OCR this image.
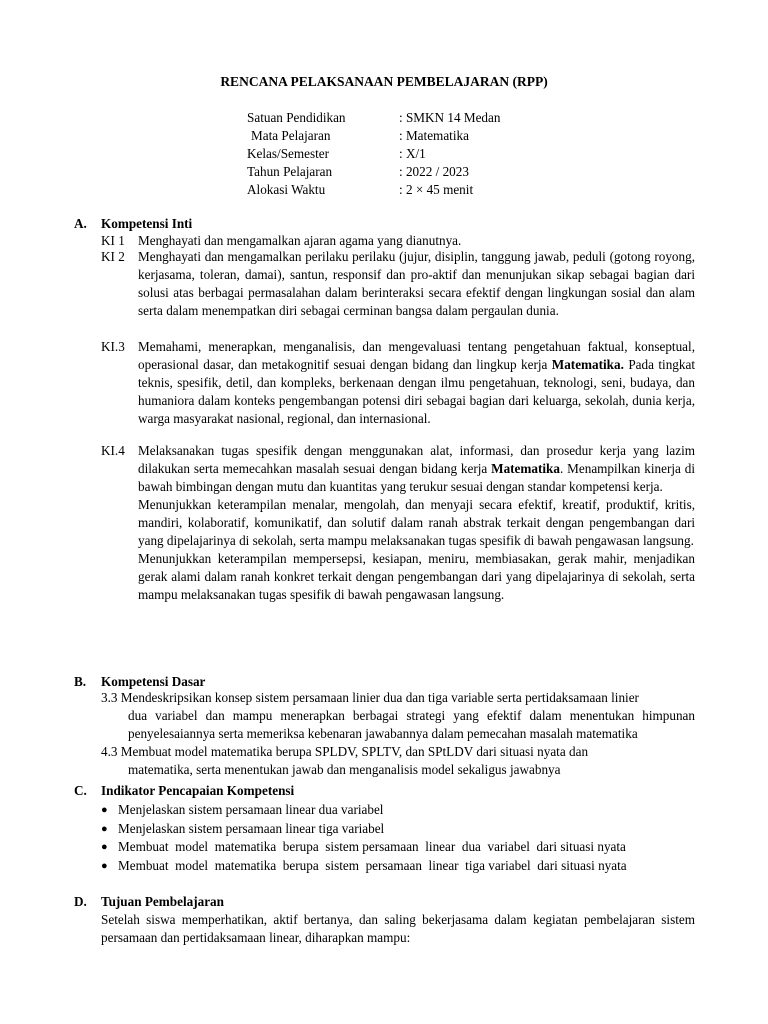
RENCANA PELAKSANAAN PEMBELAJARAN (RPP)
Satuan Pendidikan	: SMKN 14 Medan
Mata Pelajaran	: Matematika
Kelas/Semester	: X/1
Tahun Pelajaran	: 2022 / 2023
Alokasi Waktu	: 2 × 45 menit
A. Kompetensi Inti
KI 1 Menghayati dan mengamalkan ajaran agama yang dianutnya.
KI 2 Menghayati dan mengamalkan perilaku perilaku (jujur, disiplin, tanggung jawab, peduli (gotong royong, kerjasama, toleran, damai), santun, responsif dan pro-aktif dan menunjukan sikap sebagai bagian dari solusi atas berbagai permasalahan dalam berinteraksi secara efektif dengan lingkungan sosial dan alam serta dalam menempatkan diri sebagai cerminan bangsa dalam pergaulan dunia.
KI.3 Memahami, menerapkan, menganalisis, dan mengevaluasi tentang pengetahuan faktual, konseptual, operasional dasar, dan metakognitif sesuai dengan bidang dan lingkup kerja Matematika. Pada tingkat teknis, spesifik, detil, dan kompleks, berkenaan dengan ilmu pengetahuan, teknologi, seni, budaya, dan humaniora dalam konteks pengembangan potensi diri sebagai bagian dari keluarga, sekolah, dunia kerja, warga masyarakat nasional, regional, dan internasional.
KI.4 Melaksanakan tugas spesifik dengan menggunakan alat, informasi, dan prosedur kerja yang lazim dilakukan serta memecahkan masalah sesuai dengan bidang kerja Matematika. Menampilkan kinerja di bawah bimbingan dengan mutu dan kuantitas yang terukur sesuai dengan standar kompetensi kerja.

Menunjukkan keterampilan menalar, mengolah, dan menyaji secara efektif, kreatif, produktif, kritis, mandiri, kolaboratif, komunikatif, dan solutif dalam ranah abstrak terkait dengan pengembangan dari yang dipelajarinya di sekolah, serta mampu melaksanakan tugas spesifik di bawah pengawasan langsung.

Menunjukkan keterampilan mempersepsi, kesiapan, meniru, membiasakan, gerak mahir, menjadikan gerak alami dalam ranah konkret terkait dengan pengembangan dari yang dipelajarinya di sekolah, serta mampu melaksanakan tugas spesifik di bawah pengawasan langsung.

B. Kompetensi Dasar
3.3 Mendeskripsikan konsep sistem persamaan linier dua dan tiga variable serta pertidaksamaan linier
dua variabel dan mampu menerapkan berbagai strategi yang efektif dalam menentukan himpunan penyelesaiannya serta memeriksa kebenaran jawabannya dalam pemecahan masalah matematika
4.3 Membuat model matematika berupa SPLDV, SPLTV, dan SPtLDV dari situasi nyata dan
matematika, serta menentukan jawab dan menganalisis model sekaligus jawabnya
C. Indikator Pencapaian Kompetensi
● Menjelaskan sistem persamaan linear dua variabel
● Menjelaskan sistem persamaan linear tiga variabel
● Membuat  model  matematika  berupa  sistem persamaan  linear  dua  variabel  dari situasi nyata
● Membuat  model  matematika  berupa  sistem  persamaan  linear  tiga variabel  dari situasi nyata
D. Tujuan Pembelajaran
Setelah siswa memperhatikan, aktif bertanya, dan saling bekerjasama dalam kegiatan pembelajaran sistem persamaan dan pertidaksamaan linear, diharapkan mampu:
